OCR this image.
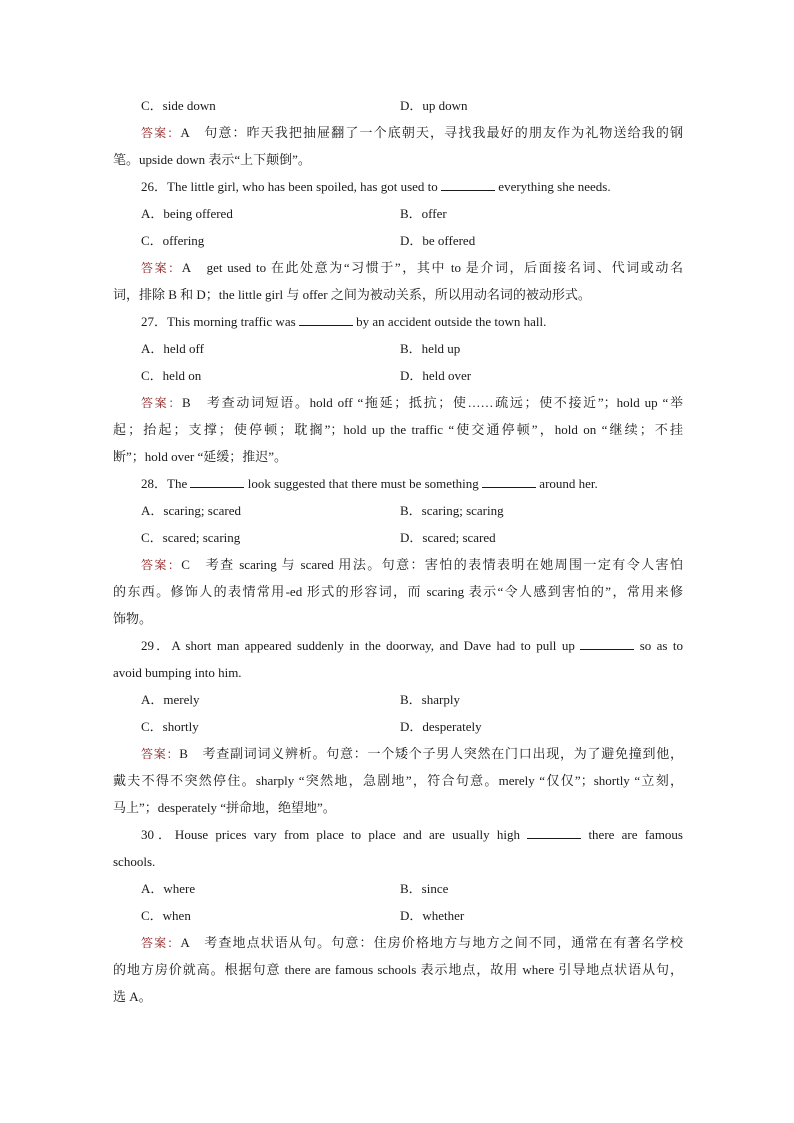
C．side down	D．up down
答案：A　句意：昨天我把抽屉翻了一个底朝天，寻找我最好的朋友作为礼物送给我的钢
笔。upside down 表示“上下颠倒”。
26．The little girl, who has been spoiled, has got used to	everything she needs.
A．being offered	B．offer
C．offering	D．be offered
答案：A　get used to 在此处意为“习惯于”，其中 to 是介词，后面接名词、代词或动名
词，排除 B 和 D；the little girl 与 offer 之间为被动关系，所以用动名词的被动形式。
27．This morning traffic was	by an accident outside the town hall.
A．held off	B．held up
C．held on	D．held over
答案：B　考查动词短语。hold off “拖延；抵抗；使……疏远；使不接近”；hold up “举
起；抬起；支撑；使停顿；耽搁”；hold up the traffic “使交通停顿”，hold on “继续；不挂
断”；hold over “延缓；推迟”。
28．The	look suggested that there must be something	around her.
A．scaring; scared	B．scaring; scaring
C．scared; scaring	D．scared; scared
答案：C　考查 scaring 与 scared 用法。句意：害怕的表情表明在她周围一定有令人害怕
的东西。修饰人的表情常用-ed 形式的形容词，而 scaring 表示“令人感到害怕的”，常用来修
饰物。
29．A short man appeared suddenly in the doorway, and Dave had to pull up	so as to
avoid bumping into him.
A．merely	B．sharply
C．shortly	D．desperately
答案：B　考查副词词义辨析。句意：一个矮个子男人突然在门口出现，为了避免撞到他，
戴夫不得不突然停住。sharply “突然地，急剧地”，符合句意。merely “仅仅”；shortly “立刻，
马上”；desperately “拼命地，绝望地”。
30．House prices vary from place to place and are usually high	there are famous
schools.
A．where	B．since
C．when	D．whether
答案：A　考查地点状语从句。句意：住房价格地方与地方之间不同，通常在有著名学校
的地方房价就高。根据句意 there are famous schools 表示地点，故用 where 引导地点状语从句，
选 A。
